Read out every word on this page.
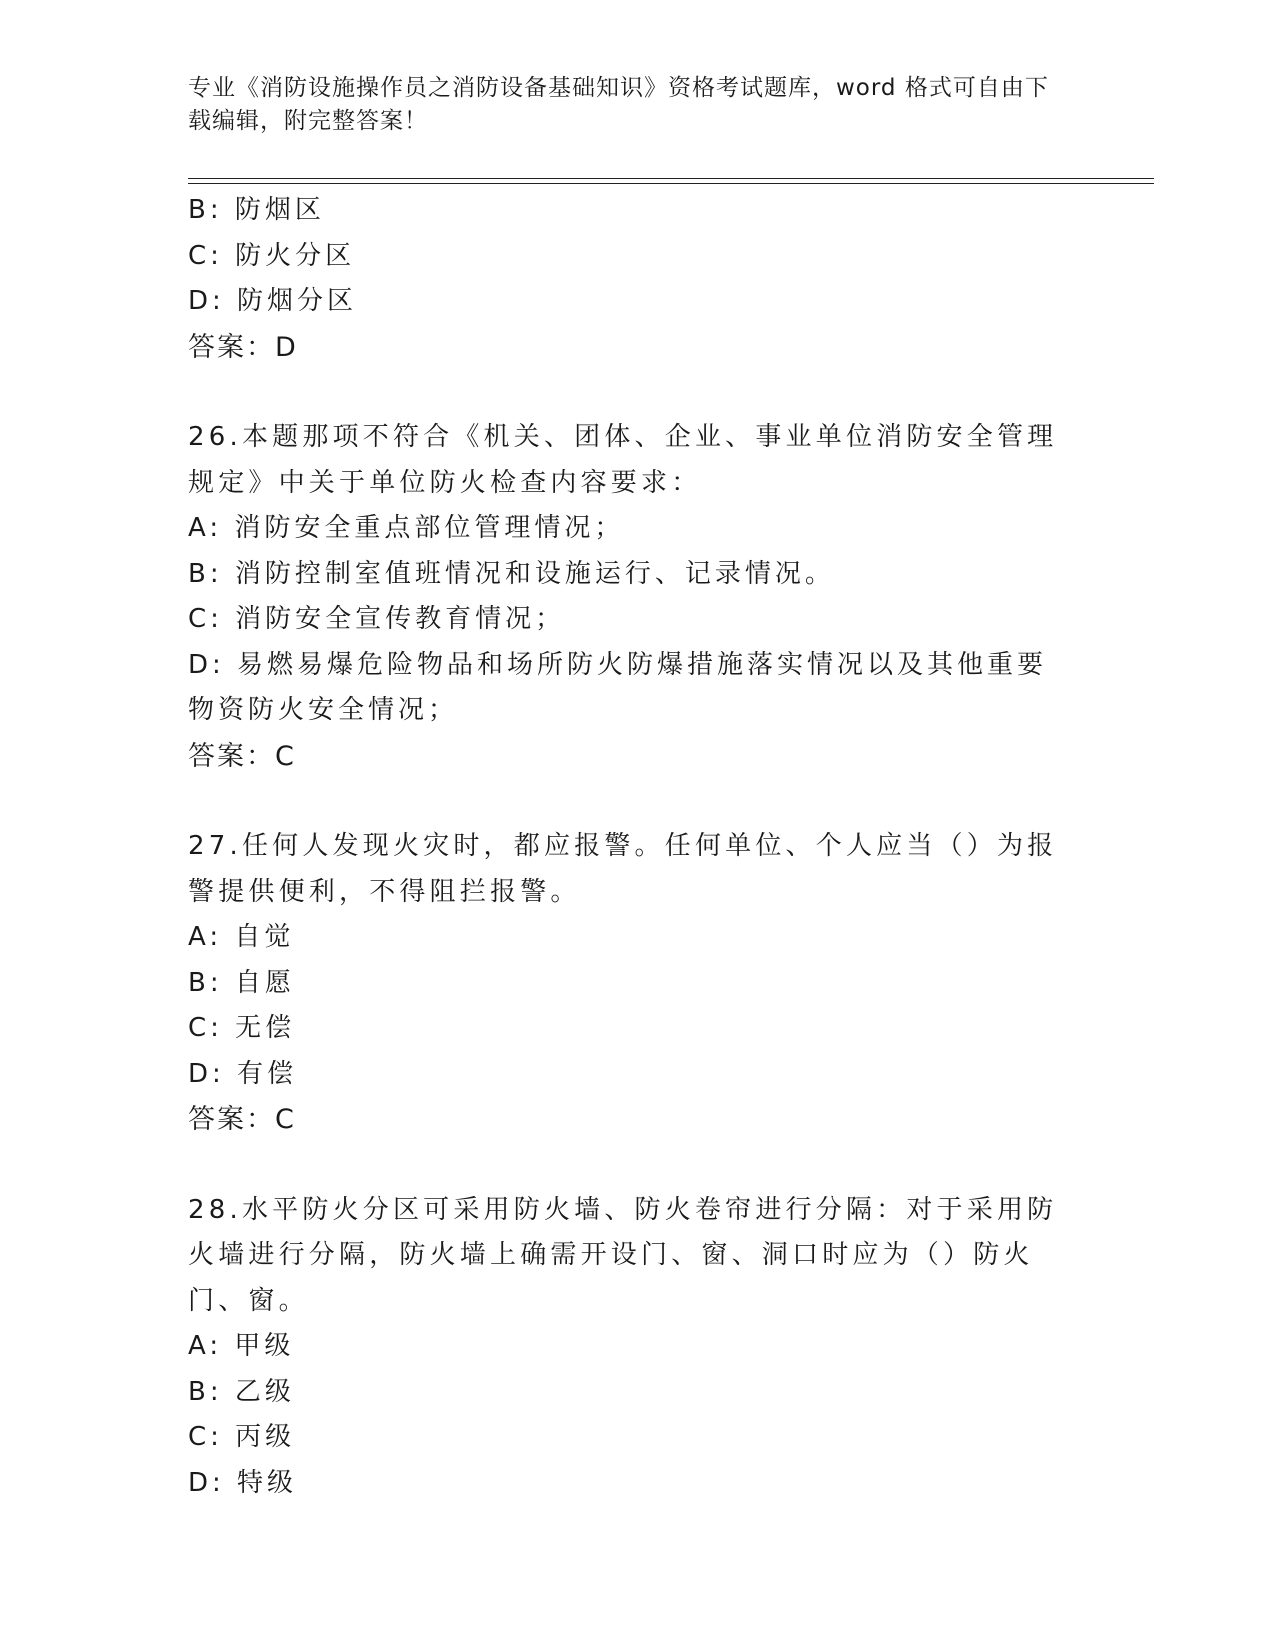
专业《消防设施操作员之消防设备基础知识》资格考试题库，word 格式可自由下载编辑，附完整答案！
B: 防烟区
C: 防火分区
D: 防烟分区
答案：D
26.本题那项不符合《机关、团体、企业、事业单位消防安全管理规定》中关于单位防火检查内容要求：
A: 消防安全重点部位管理情况；
B: 消防控制室值班情况和设施运行、记录情况。
C: 消防安全宣传教育情况；
D: 易燃易爆危险物品和场所防火防爆措施落实情况以及其他重要物资防火安全情况；
答案：C
27.任何人发现火灾时，都应报警。任何单位、个人应当（）为报警提供便利，不得阻拦报警。
A: 自觉
B: 自愿
C: 无偿
D: 有偿
答案：C
28.水平防火分区可采用防火墙、防火卷帘进行分隔：对于采用防火墙进行分隔，防火墙上确需开设门、窗、洞口时应为（）防火门、窗。
A: 甲级
B: 乙级
C: 丙级
D: 特级
